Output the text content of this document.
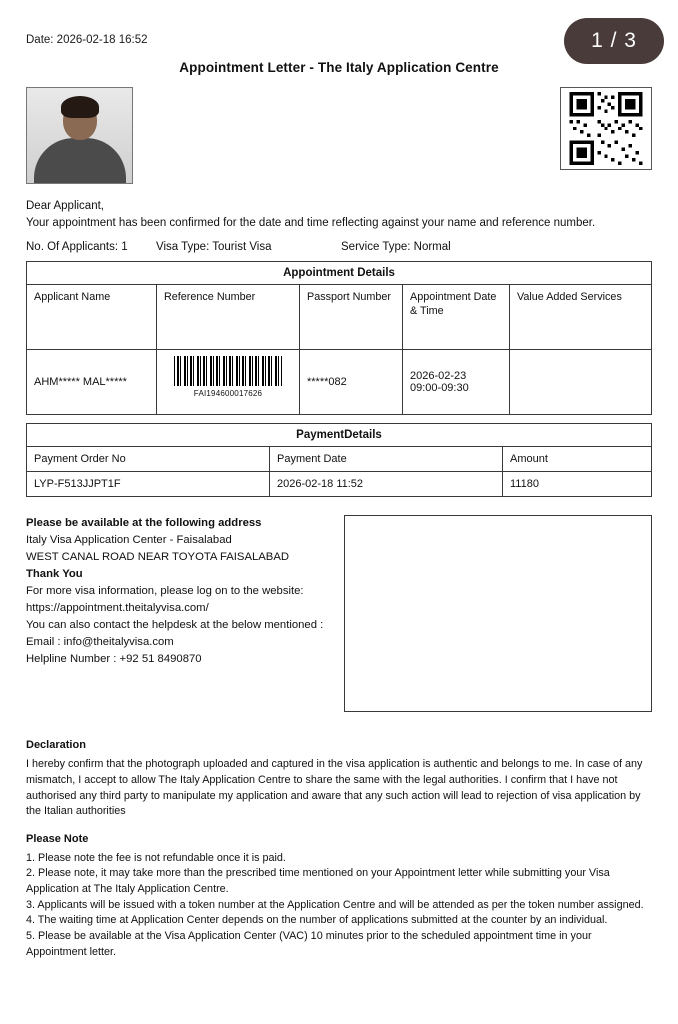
1 / 3
Date: 2026-02-18 16:52
Appointment Letter - The Italy Application Centre
Dear Applicant,
Your appointment has been confirmed for the date and time reflecting against your name and reference number.
No. Of Applicants: 1	Visa Type: Tourist Visa	Service Type: Normal
Appointment Details				
Applicant Name	Reference Number	Passport Number	Appointment Date & Time	Value Added Services
AHM***** MAL*****	FAI194600017626	*****082	2026-02-23
09:00-09:30	
PaymentDetails		
Payment Order No	Payment Date	Amount
LYP-F513JJPT1F	2026-02-18 11:52	11180
Please be available at the following address
Italy Visa Application Center - Faisalabad
WEST CANAL ROAD NEAR TOYOTA FAISALABAD
Thank You
For more visa information, please log on to the website:
https://appointment.theitalyvisa.com/
You can also contact the helpdesk at the below mentioned :
Email : info@theitalyvisa.com
Helpline Number : +92 51 8490870
Declaration

I hereby confirm that the photograph uploaded and captured in the visa application is authentic and belongs to me. In case of any mismatch, I accept to allow The Italy Application Centre to share the same with the legal authorities. I confirm that I have not authorised any third party to manipulate my application and aware that any such action will lead to rejection of visa application by the Italian authorities

Please Note

1. Please note the fee is not refundable once it is paid.

2. Please note, it may take more than the prescribed time mentioned on your Appointment letter while submitting your Visa Application at The Italy Application Centre.

3. Applicants will be issued with a token number at the Application Centre and will be attended as per the token number assigned.

4. The waiting time at Application Center depends on the number of applications submitted at the counter by an individual.

5. Please be available at the Visa Application Center (VAC) 10 minutes prior to the scheduled appointment time in your Appointment letter.
